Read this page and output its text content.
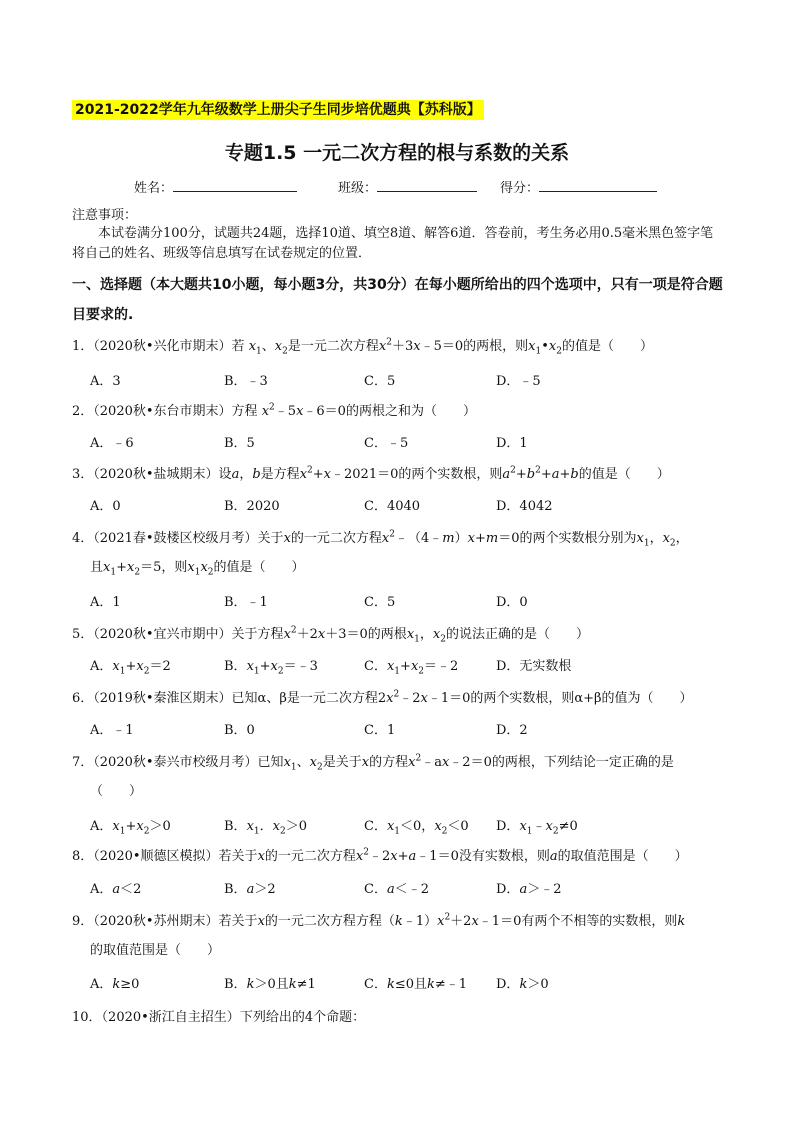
2021-2022学年九年级数学上册尖子生同步培优题典【苏科版】
专题1.5 一元二次方程的根与系数的关系
姓名：	班级：	得分：
注意事项：
本试卷满分100分，试题共24题，选择10道、填空8道、解答6道．答卷前，考生务必用0.5毫米黑色签字笔将自己的姓名、班级等信息填写在试卷规定的位置．
一、选择题（本大题共10小题，每小题3分，共30分）在每小题所给出的四个选项中，只有一项是符合题目要求的.
1．（2020秋•兴化市期末）若 $x_1$、$x_2$是一元二次方程$x^2+3x﹣5=0$的两根，则$x_1•x_2$的值是（　　）
A．3	B．﹣3	C．5	D．﹣5
2．（2020秋•东台市期末）方程 $x^2﹣5x﹣6=0$的两根之和为（　　）
A．﹣6	B．5	C．﹣5	D．1
3．（2020秋•盐城期末）设a，b是方程$x^2+x﹣2021=0$的两个实数根，则$a^2+b^2+a+b$的值是（　　）
A．0	B．2020	C．4040	D．4042
4．（2021春•鼓楼区校级月考）关于x的一元二次方程$x^2﹣(4﹣m)x+m=0$的两个实数根分别为$x_1$，$x_2$，
且$x_1+x_2=5$，则$x_1x_2$的值是（　　）
A．1	B．﹣1	C．5	D．0
5．（2020秋•宜兴市期中）关于方程$x^2+2x+3=0$的两根$x_1$，$x_2$的说法正确的是（　　）
A．$x_1+x_2=2$	B．$x_1+x_2=﹣3$	C．$x_1+x_2=﹣2$	D．无实数根
6．（2019秋•秦淮区期末）已知α、β是一元二次方程$2x^2﹣2x﹣1=0$的两个实数根，则α+β的值为（　　）
A．﹣1	B．0	C．1	D．2
7．（2020秋•泰兴市校级月考）已知$x_1$、$x_2$是关于x的方程$x^2﹣ax﹣2=0$的两根，下列结论一定正确的是
（　　）
A．$x_1+x_2>0$	B．$x_1$．$x_2>0$	C．$x_1<0$，$x_2<0$ D．$x_1﹣x_2\ne 0$
8．（2020•顺德区模拟）若关于x的一元二次方程$x^2﹣2x+a﹣1=0$没有实数根，则a的取值范围是（　　）
A．a＜2	B．a＞2	C．a＜﹣2	D．a＞﹣2
9．（2020秋•苏州期末）若关于x的一元二次方程方程$(k﹣1)x^2+2x﹣1=0$有两个不相等的实数根，则k
的取值范围是（　　）
A．k≥0	B．k＞0且k≠1	C．k≤0且k≠﹣1 D．k＞0
10．（2020•浙江自主招生）下列给出的4个命题：
